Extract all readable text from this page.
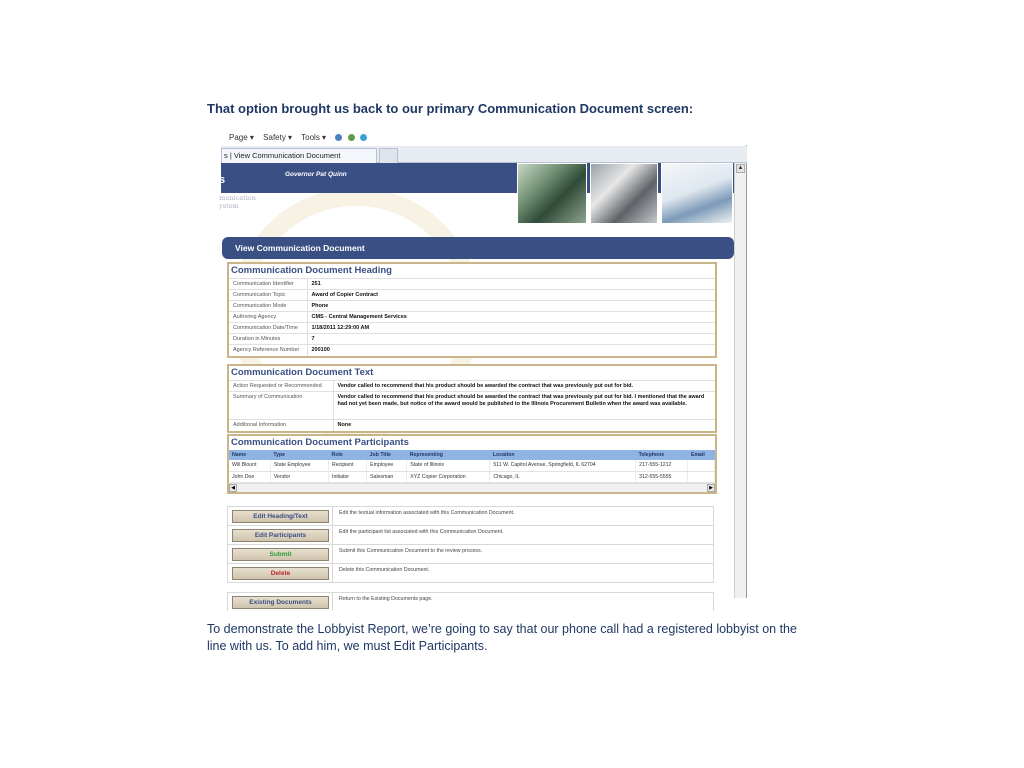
That option brought us back to our primary Communication Document screen:
Page ▾ Safety ▾ Tools ▾
s | View Communication Document
s	Governor Pat Quinn
munication
ystem
▲
View Communication Document
Communication Document Heading
Communication Identifier	251
Communication Topic	Award of Copier Contract
Communication Mode	Phone
Authoring Agency	CMS - Central Management Services
Communication Date/Time	1/18/2011 12:29:00 AM
Duration in Minutes	7
Agency Reference Number	200100
Communication Document Text
Action Requested or Recommended	Vendor called to recommend that his product should be awarded the contract that was previously put out for bid.
Summary of Communication	Vendor called to recommend that his product should be awarded the contract that was previously put out for bid. I mentioned that the award had not yet been made, but notice of the award would be published to the Illinois Procurement Bulletin when the award was available.
Additional Information	None
Communication Document Participants
Name	Type	Role	Job Title	Representing	Location	Telephone	Email
Will Blount	State Employee	Recipient	Employee	State of Illinois	511 W. Capitol Avenue, Springfield, IL 62704	217-555-1212	
John Doe	Vendor	Initiator	Salesman	XYZ Copier Corporation	Chicago, IL	312-555-5555	
◀	▶
Edit Heading/Text	Edit the textual information associated with this Communication Document.
Edit Participants	Edit the participant list associated with this Communication Document.
Submit	Submit this Communication Document to the review process.
Delete	Delete this Communication Document.
Existing Documents	Return to the Existing Documents page.
To demonstrate the Lobbyist Report, we’re going to say that our phone call had a registered lobbyist on the line with us. To add him, we must Edit Participants.
